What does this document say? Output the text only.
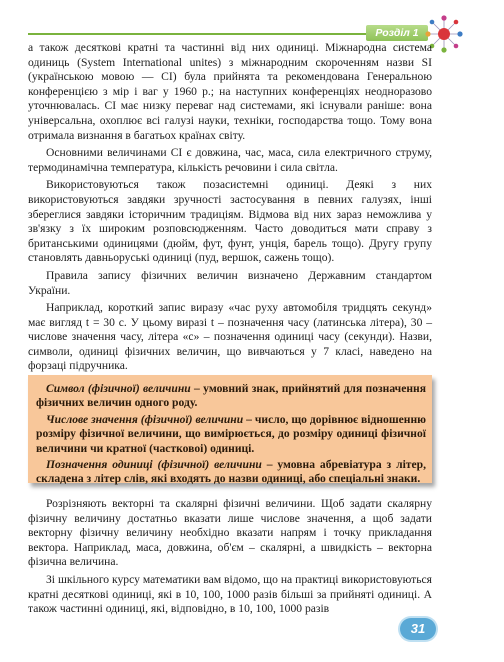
Розділ 1

а також десяткові кратні та частинні від них одиниці. Міжнародна система одиниць (System International unites) з міжнародним скороченням назви SI (українською мовою — СІ) була прийнята та рекомендована Генеральною конференцією з мір і ваг у 1960 р.; на наступних конференціях неодноразово уточнювалась. СІ має низку переваг над системами, які існували раніше: вона універсальна, охоплює всі галузі науки, техніки, господарства тощо. Тому вона отримала визнання в багатьох країнах світу.

Основними величинами СІ є довжина, час, маса, сила електричного струму, термодинамічна температура, кількість речовини і сила світла.

Використовуються також позасистемні одиниці. Деякі з них використовуються завдяки зручності застосування в певних галузях, інші збереглися завдяки історичним традиціям. Відмова від них зараз неможлива у зв'язку з їх широким розповсюдженням. Часто доводиться мати справу з британськими одиницями (дюйм, фут, фунт, унція, барель тощо). Другу групу становлять давньоруські одиниці (пуд, вершок, сажень тощо).

Правила запису фізичних величин визначено Державним стандартом України.

Наприклад, короткий запис виразу «час руху автомобіля тридцять секунд» має вигляд t = 30 с. У цьому виразі t – позначення часу (латинська літера), 30 – числове значення часу, літера «с» – позначення одиниці часу (секунди). Назви, символи, одиниці фізичних величин, що вивчаються у 7 класі, наведено на форзаці підручника.

Символ (фізичної) величини – умовний знак, прийнятий для позначення фізичних величин одного роду.

Числове значення (фізичної) величини – число, що дорівнює відношенню розміру фізичної величини, що вимірюється, до розміру одиниці фізичної величини чи кратної (частковоі) одиниці.

Позначення одиниці (фізичної) величини – умовна абревіатура з літер, складена з літер слів, які входять до назви одиниці, або спеціальні знаки.

Розрізняють векторні та скалярні фізичні величини. Щоб задати скалярну фізичну величину достатньо вказати лише числове значення, а щоб задати векторну фізичну величину необхідно вказати напрям і точку прикладання вектора. Наприклад, маса, довжина, об'єм – скалярні, а швидкість – векторна фізична величина.

Зі шкільного курсу математики вам відомо, що на практиці використовуються кратні десяткові одиниці, які в 10, 100, 1000 разів більші за прийняті одиниці. А також частинні одиниці, які, відповідно, в 10, 100, 1000 разів

31
